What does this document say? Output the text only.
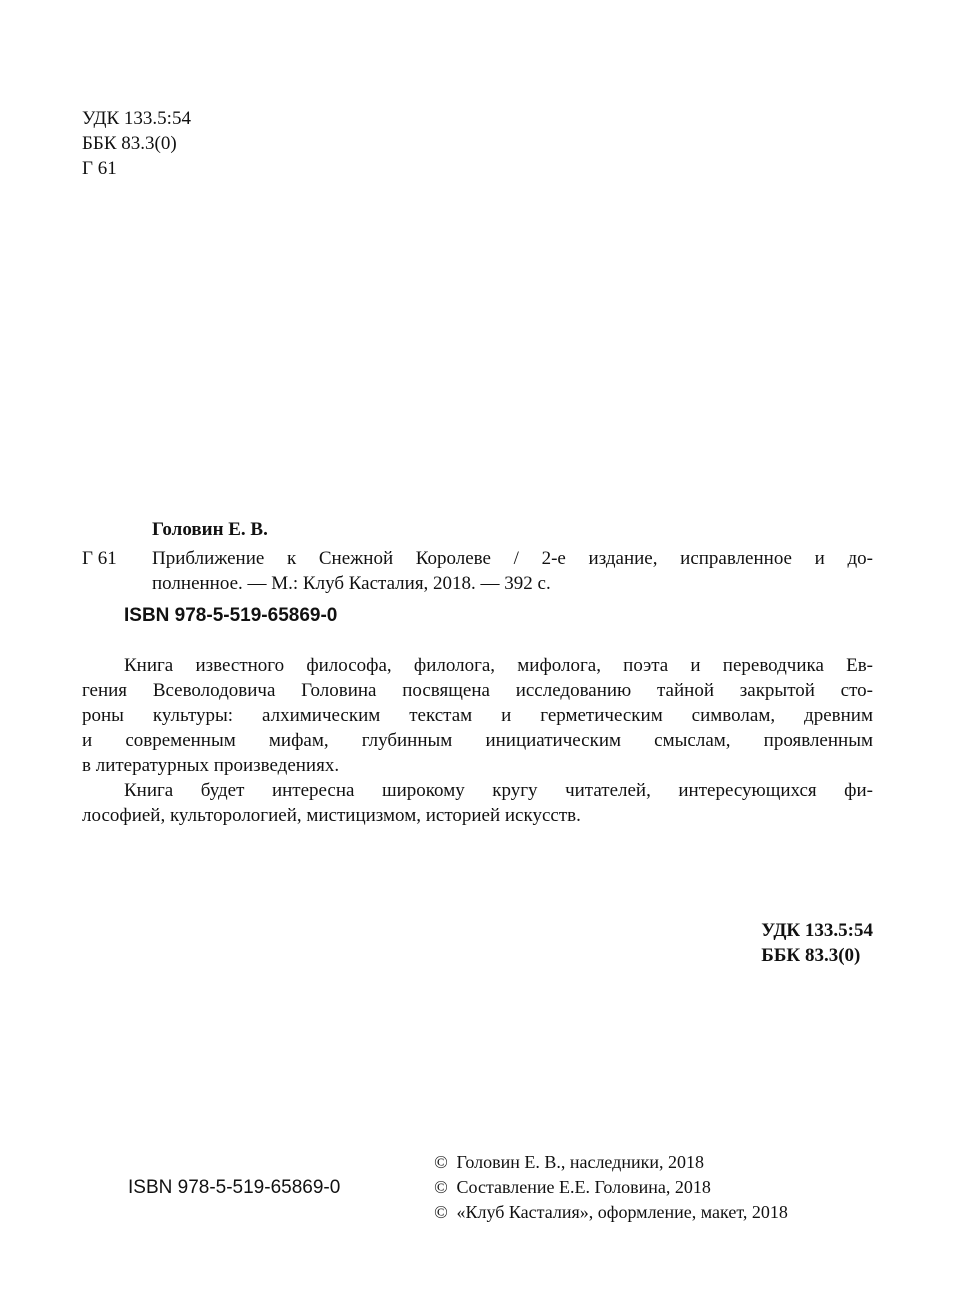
УДК 133.5:54
ББК 83.3(0)
Г 61
Головин Е. В.
Г 61 Приближение к Снежной Королеве / 2-е издание, исправленное и до-
полненное. — М.: Клуб Касталия, 2018. — 392 с.
ISBN 978-5-519-65869-0
Книга известного философа, филолога, мифолога, поэта и переводчика Ев-
гения Всеволодовича Головина посвящена исследованию тайной закрытой сто-
роны культуры: алхимическим текстам и герметическим символам, древним
и современным мифам, глубинным инициатическим смыслам, проявленным
в литературных произведениях.
Книга будет интересна широкому кругу читателей, интересующихся фи-
лософией, культорологией, мистицизмом, историей искусств.
УДК 133.5:54
ББК 83.3(0)
ISBN 978-5-519-65869-0
© Головин Е. В., наследники, 2018
© Составление Е.Е. Головина, 2018
© «Клуб Касталия», оформление, макет, 2018
